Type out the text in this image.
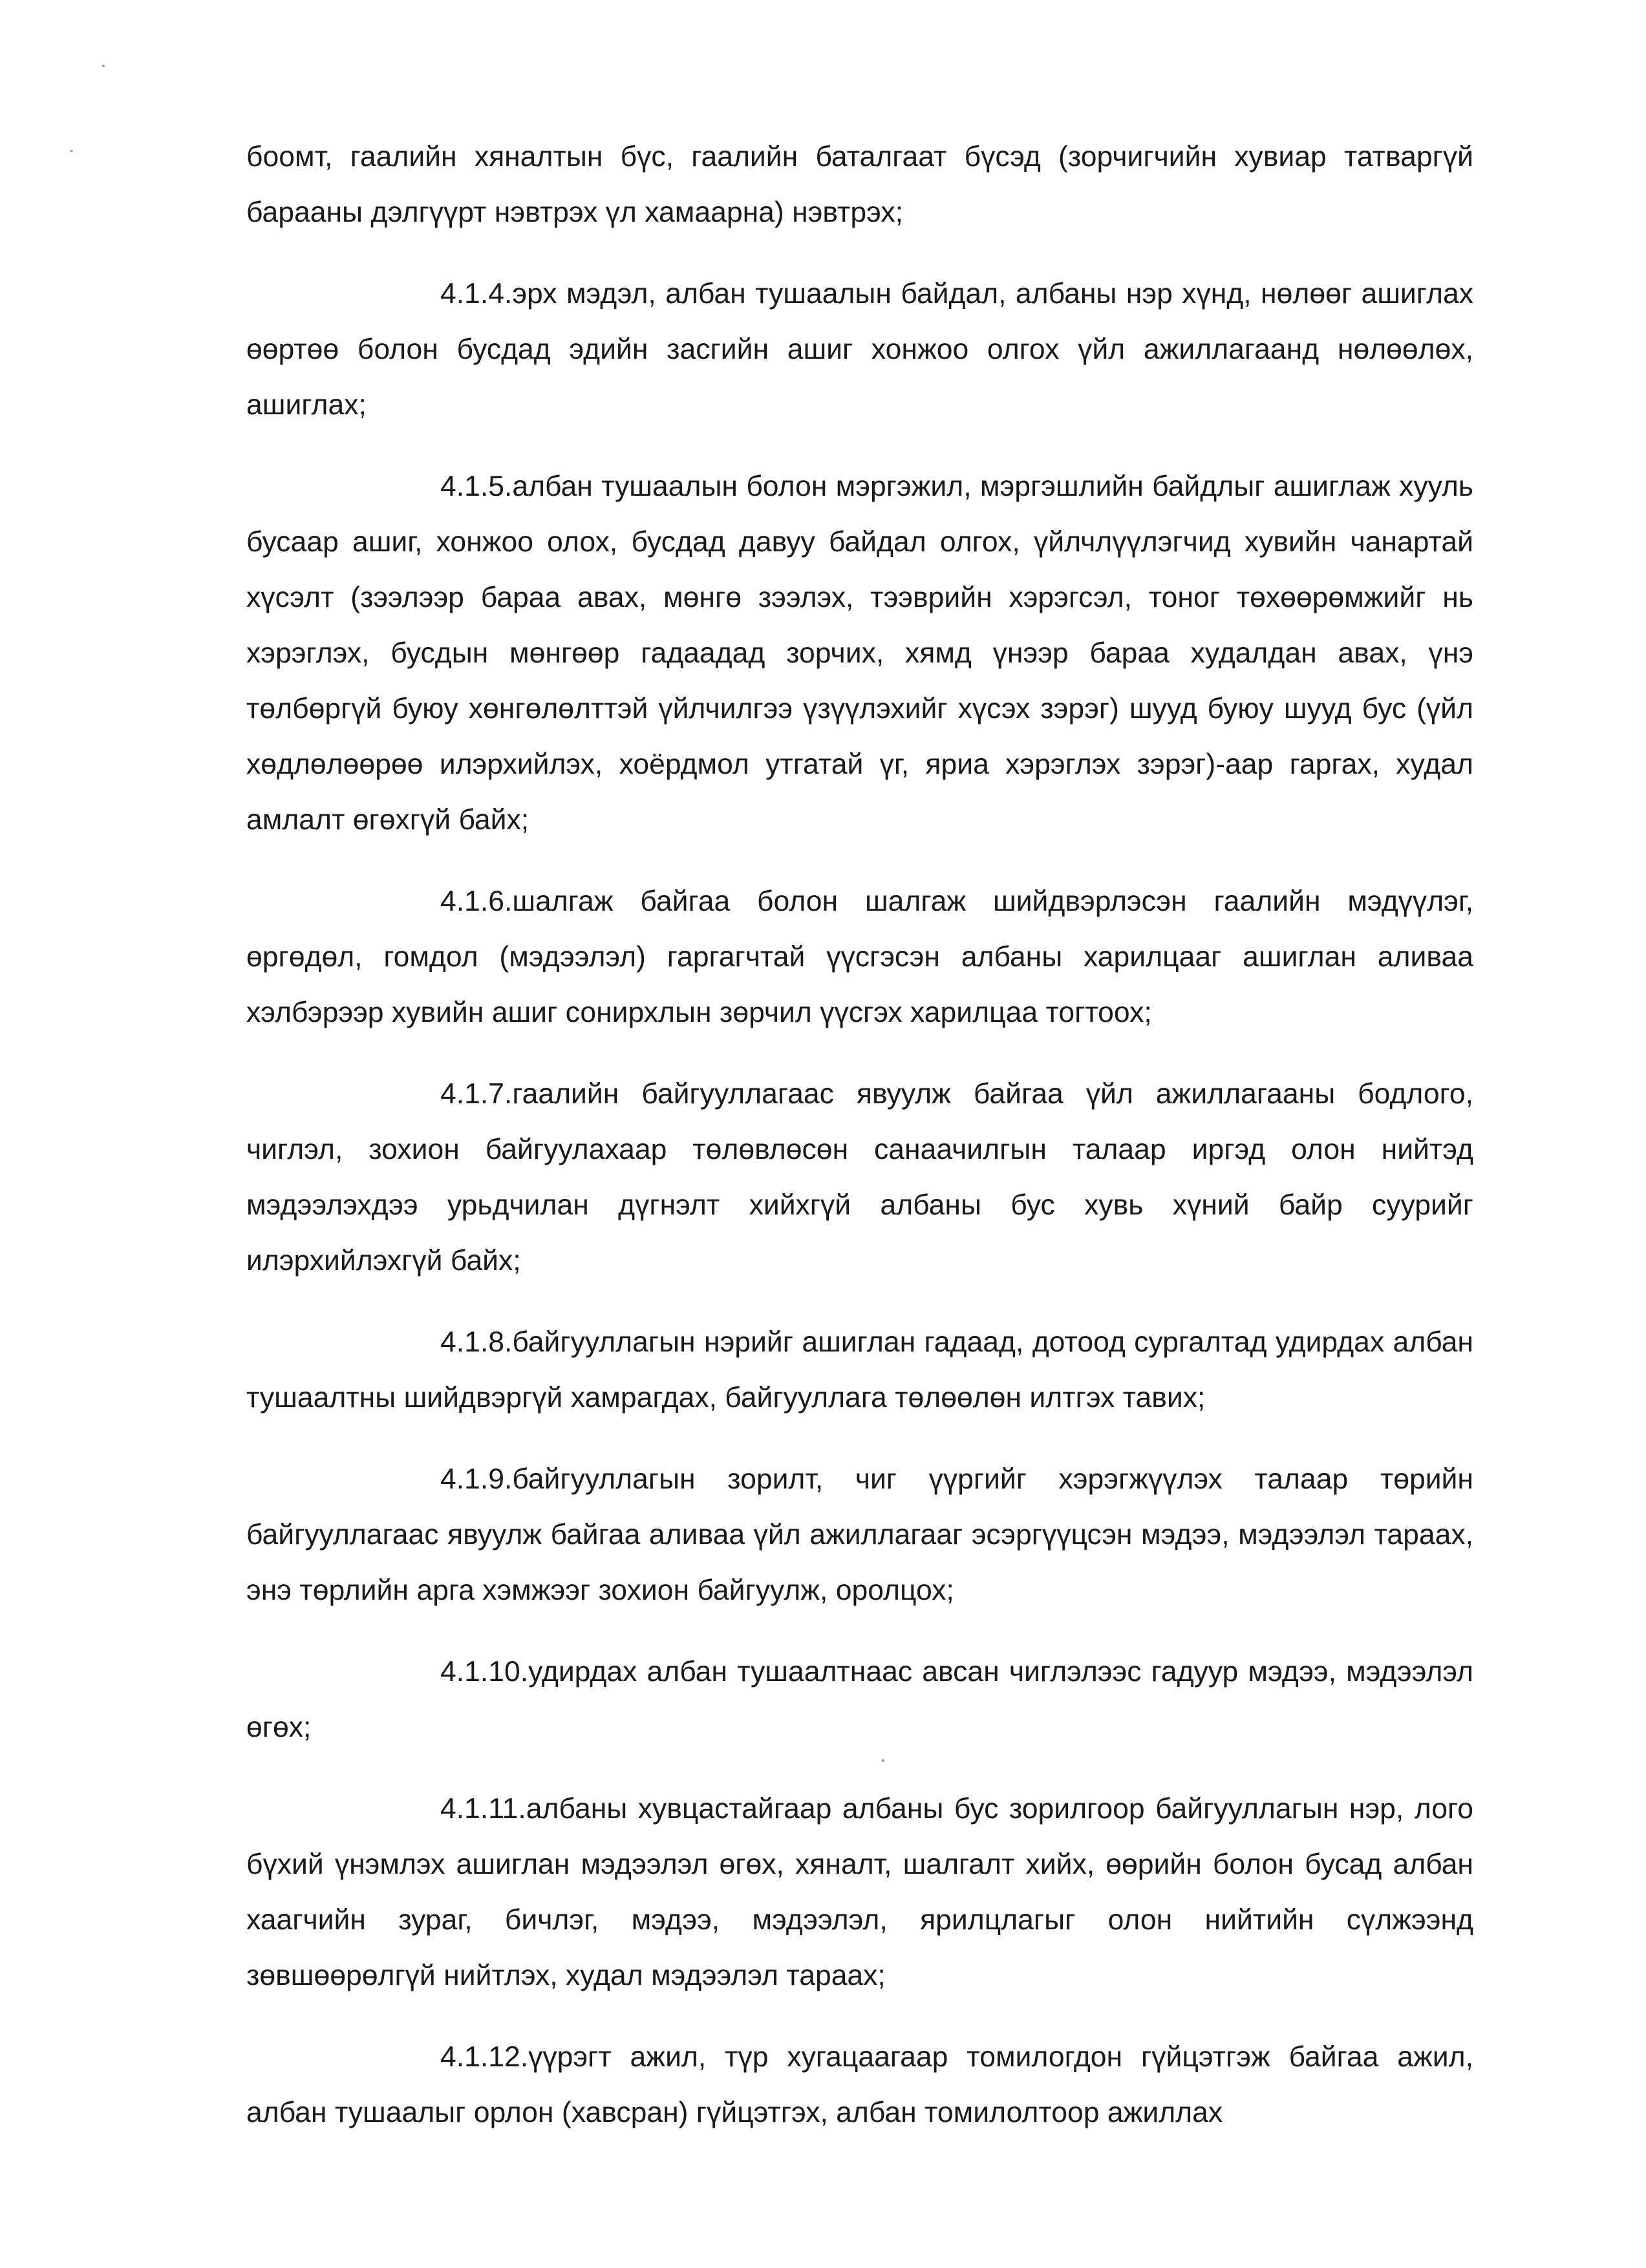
боомт, гаалийн хяналтын бүс, гаалийн баталгаат бүсэд (зорчигчийн хувиар татваргүй барааны дэлгүүрт нэвтрэх үл хамаарна) нэвтрэх;

4.1.4.эрх мэдэл, албан тушаалын байдал, албаны нэр хүнд, нөлөөг ашиглах өөртөө болон бусдад эдийн засгийн ашиг хонжоо олгох үйл ажиллагаанд нөлөөлөх, ашиглах;

4.1.5.албан тушаалын болон мэргэжил, мэргэшлийн байдлыг ашиглаж хууль бусаар ашиг, хонжоо олох, бусдад давуу байдал олгох, үйлчлүүлэгчид хувийн чанартай хүсэлт (зээлээр бараа авах, мөнгө зээлэх, тээврийн хэрэгсэл, тоног төхөөрөмжийг нь хэрэглэх, бусдын мөнгөөр гадаадад зорчих, хямд үнээр бараа худалдан авах, үнэ төлбөргүй буюу хөнгөлөлттэй үйлчилгээ үзүүлэхийг хүсэх зэрэг) шууд буюу шууд бус (үйл хөдлөлөөрөө илэрхийлэх, хоёрдмол утгатай үг, яриа хэрэглэх зэрэг)-аар гаргах, худал амлалт өгөхгүй байх;

4.1.6.шалгаж байгаа болон шалгаж шийдвэрлэсэн гаалийн мэдүүлэг, өргөдөл, гомдол (мэдээлэл) гаргагчтай үүсгэсэн албаны харилцааг ашиглан аливаа хэлбэрээр хувийн ашиг сонирхлын зөрчил үүсгэх харилцаа тогтоох;

4.1.7.гаалийн байгууллагаас явуулж байгаа үйл ажиллагааны бодлого, чиглэл, зохион байгуулахаар төлөвлөсөн санаачилгын талаар иргэд олон нийтэд мэдээлэхдээ урьдчилан дүгнэлт хийхгүй албаны бус хувь хүний байр суурийг илэрхийлэхгүй байх;

4.1.8.байгууллагын нэрийг ашиглан гадаад, дотоод сургалтад удирдах албан тушаалтны шийдвэргүй хамрагдах, байгууллага төлөөлөн илтгэх тавих;

4.1.9.байгууллагын зорилт, чиг үүргийг хэрэгжүүлэх талаар төрийн байгууллагаас явуулж байгаа аливаа үйл ажиллагааг эсэргүүцсэн мэдээ, мэдээлэл тараах, энэ төрлийн арга хэмжээг зохион байгуулж, оролцох;

4.1.10.удирдах албан тушаалтнаас авсан чиглэлээс гадуур мэдээ, мэдээлэл өгөх;

4.1.11.албаны хувцастайгаар албаны бус зорилгоор байгууллагын нэр, лого бүхий үнэмлэх ашиглан мэдээлэл өгөх, хяналт, шалгалт хийх, өөрийн болон бусад албан хаагчийн зураг, бичлэг, мэдээ, мэдээлэл, ярилцлагыг олон нийтийн сүлжээнд зөвшөөрөлгүй нийтлэх, худал мэдээлэл тараах;

4.1.12.үүрэгт ажил, түр хугацаагаар томилогдон гүйцэтгэж байгаа ажил, албан тушаалыг орлон (хавсран) гүйцэтгэх, албан томилолтоор ажиллах
